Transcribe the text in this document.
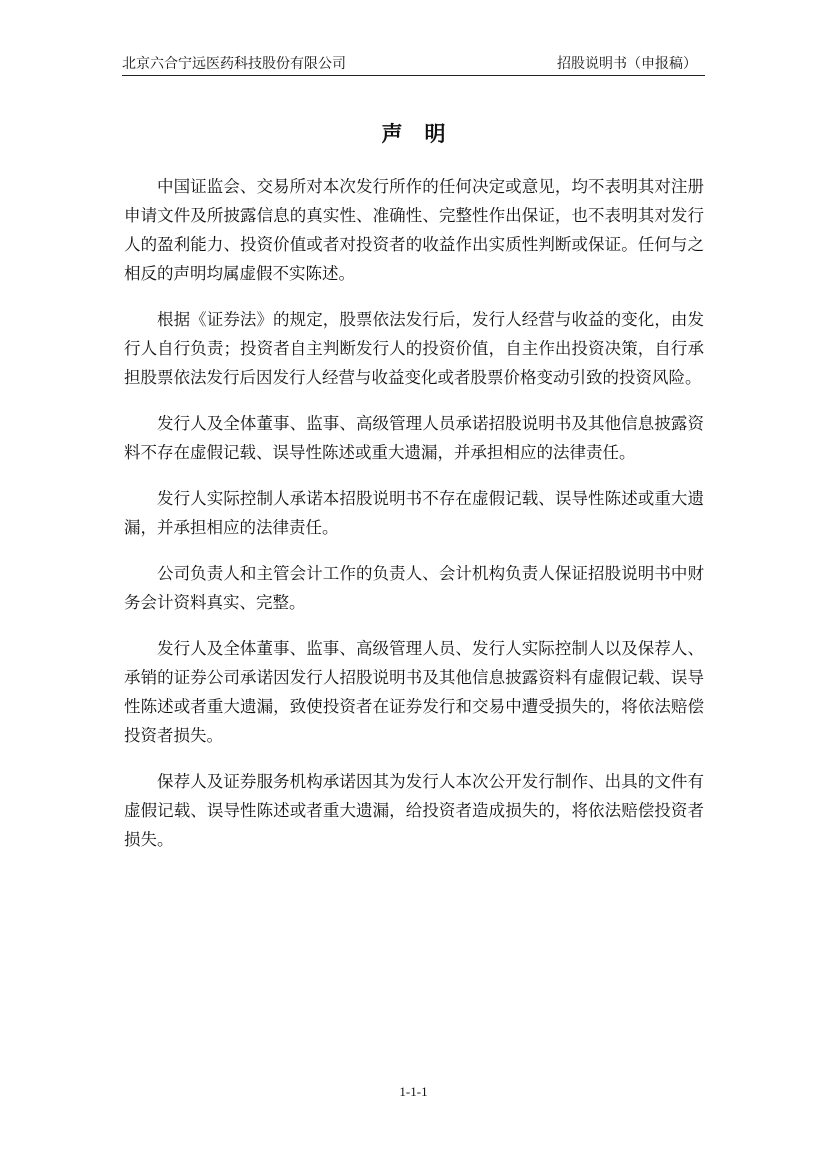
北京六合宁远医药科技股份有限公司	招股说明书（申报稿）
声明

中国证监会、交易所对本次发行所作的任何决定或意见，均不表明其对注册申请文件及所披露信息的真实性、准确性、完整性作出保证，也不表明其对发行人的盈利能力、投资价值或者对投资者的收益作出实质性判断或保证。任何与之相反的声明均属虚假不实陈述。

根据《证券法》的规定，股票依法发行后，发行人经营与收益的变化，由发行人自行负责；投资者自主判断发行人的投资价值，自主作出投资决策，自行承担股票依法发行后因发行人经营与收益变化或者股票价格变动引致的投资风险。

发行人及全体董事、监事、高级管理人员承诺招股说明书及其他信息披露资料不存在虚假记载、误导性陈述或重大遗漏，并承担相应的法律责任。

发行人实际控制人承诺本招股说明书不存在虚假记载、误导性陈述或重大遗漏，并承担相应的法律责任。

公司负责人和主管会计工作的负责人、会计机构负责人保证招股说明书中财务会计资料真实、完整。

发行人及全体董事、监事、高级管理人员、发行人实际控制人以及保荐人、承销的证券公司承诺因发行人招股说明书及其他信息披露资料有虚假记载、误导性陈述或者重大遗漏，致使投资者在证券发行和交易中遭受损失的，将依法赔偿投资者损失。

保荐人及证券服务机构承诺因其为发行人本次公开发行制作、出具的文件有虚假记载、误导性陈述或者重大遗漏，给投资者造成损失的，将依法赔偿投资者损失。

1-1-1
